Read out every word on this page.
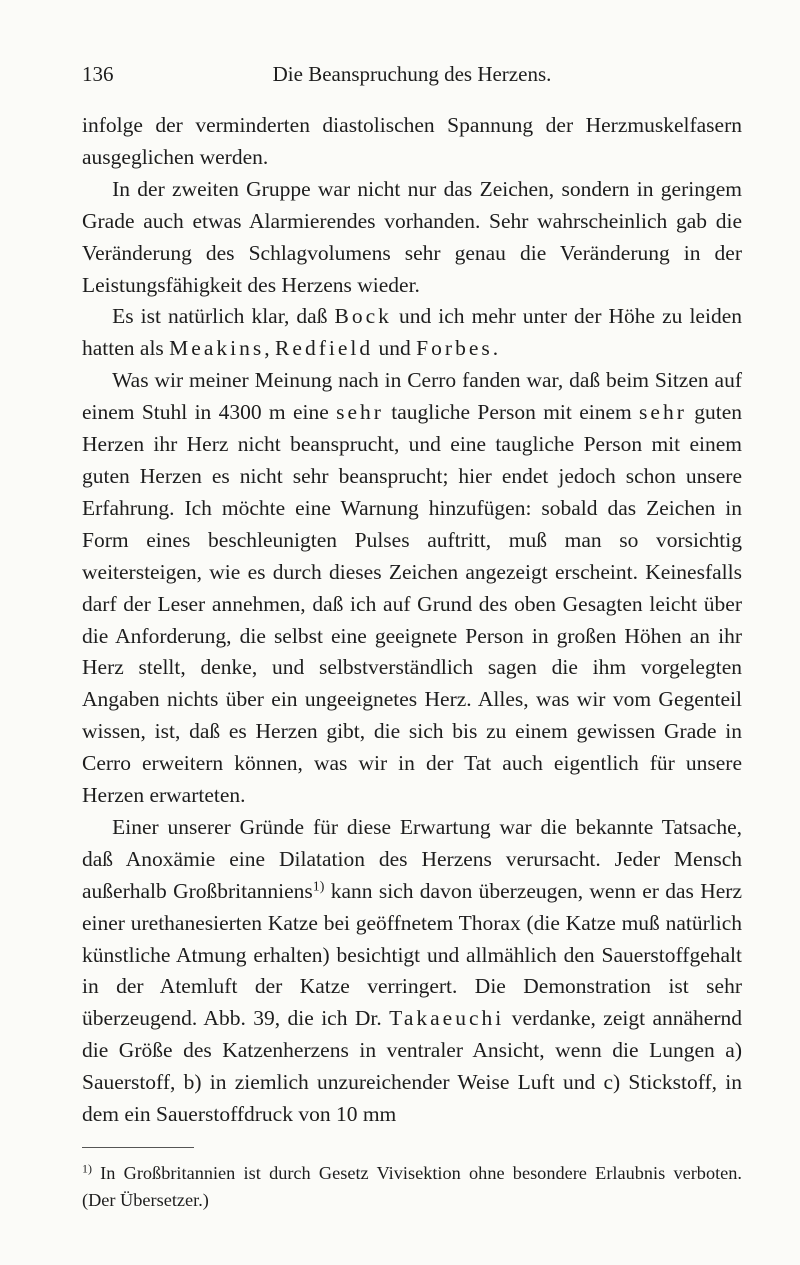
136	Die Beanspruchung des Herzens.

infolge der verminderten diastolischen Spannung der Herzmuskelfasern ausgeglichen werden.

In der zweiten Gruppe war nicht nur das Zeichen, sondern in geringem Grade auch etwas Alarmierendes vorhanden. Sehr wahrscheinlich gab die Veränderung des Schlagvolumens sehr genau die Veränderung in der Leistungsfähigkeit des Herzens wieder.

Es ist natürlich klar, daß Bock und ich mehr unter der Höhe zu leiden hatten als Meakins, Redfield und Forbes.

Was wir meiner Meinung nach in Cerro fanden war, daß beim Sitzen auf einem Stuhl in 4300 m eine sehr taugliche Person mit einem sehr guten Herzen ihr Herz nicht beansprucht, und eine taugliche Person mit einem guten Herzen es nicht sehr beansprucht; hier endet jedoch schon unsere Erfahrung. Ich möchte eine Warnung hinzufügen: sobald das Zeichen in Form eines beschleunigten Pulses auftritt, muß man so vorsichtig weitersteigen, wie es durch dieses Zeichen angezeigt erscheint. Keinesfalls darf der Leser annehmen, daß ich auf Grund des oben Gesagten leicht über die Anforderung, die selbst eine geeignete Person in großen Höhen an ihr Herz stellt, denke, und selbstverständlich sagen die ihm vorgelegten Angaben nichts über ein ungeeignetes Herz. Alles, was wir vom Gegenteil wissen, ist, daß es Herzen gibt, die sich bis zu einem gewissen Grade in Cerro erweitern können, was wir in der Tat auch eigentlich für unsere Herzen erwarteten.

Einer unserer Gründe für diese Erwartung war die bekannte Tatsache, daß Anoxämie eine Dilatation des Herzens verursacht. Jeder Mensch außerhalb Großbritanniens$^{1)}$ kann sich davon überzeugen, wenn er das Herz einer urethanesierten Katze bei geöffnetem Thorax (die Katze muß natürlich künstliche Atmung erhalten) besichtigt und allmählich den Sauerstoffgehalt in der Atemluft der Katze verringert. Die Demonstration ist sehr überzeugend. Abb. 39, die ich Dr. Takaeuchi verdanke, zeigt annähernd die Größe des Katzenherzens in ventraler Ansicht, wenn die Lungen a) Sauerstoff, b) in ziemlich unzureichender Weise Luft und c) Stickstoff, in dem ein Sauerstoffdruck von 10 mm

$^{1)}$ In Großbritannien ist durch Gesetz Vivisektion ohne besondere Erlaubnis verboten. (Der Übersetzer.)
